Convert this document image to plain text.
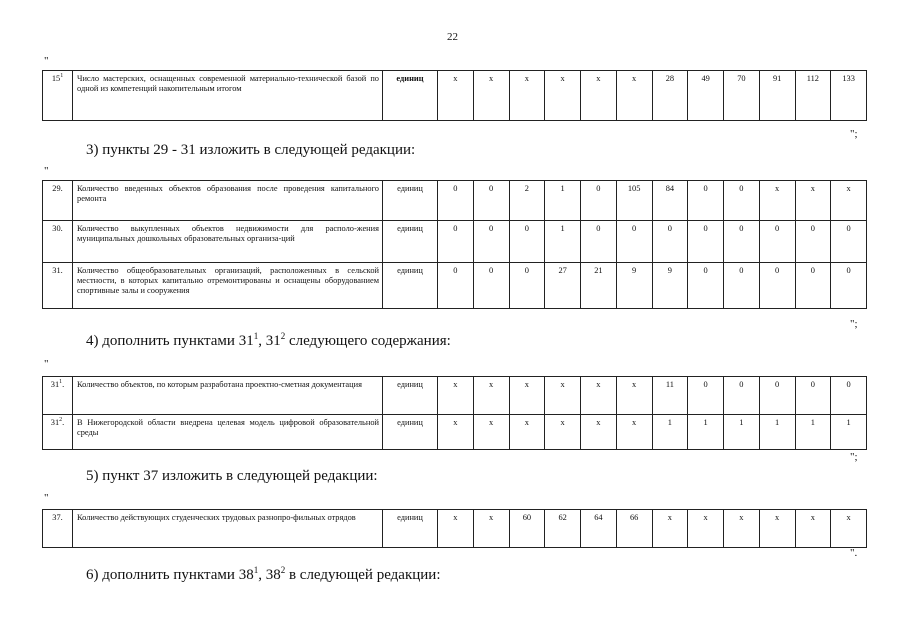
22
"
$15^1$	Число мастерских, оснащенных современной материально-технической базой по одной из компетенций накопительным итогом	единиц	x	x	x	x	x	x	28	49	70	91	112	133
";
3) пункты 29 - 31 изложить в следующей редакции:
"
29.	Количество введенных объектов образования после проведения капитального ремонта	единиц	0	0	2	1	0	105	84	0	0	x	x	x
30.	Количество выкупленных объектов недвижимости для располо-жения муниципальных дошкольных образовательных организа-ций	единиц	0	0	0	1	0	0	0	0	0	0	0	0
31.	Количество общеобразовательных организаций, расположенных в сельской местности, в которых капитально отремонтированы и оснащены оборудованием спортивные залы и сооружения	единиц	0	0	0	27	21	9	9	0	0	0	0	0
";
4) дополнить пунктами $31^1$, $31^2$ следующего содержания:
"
$31^1$.	Количество объектов, по которым разработана проектно-сметная документация	единиц	x	x	x	x	x	x	11	0	0	0	0	0
$31^2$.	В Нижегородской области внедрена целевая модель цифровой образовательной среды	единиц	x	x	x	x	x	x	1	1	1	1	1	1
";
5) пункт 37 изложить в следующей редакции:
"
37.	Количество действующих студенческих трудовых разнопро-фильных отрядов	единиц	x	x	60	62	64	66	x	x	x	x	x	x
".
6) дополнить пунктами $38^1$, $38^2$ в следующей редакции:
